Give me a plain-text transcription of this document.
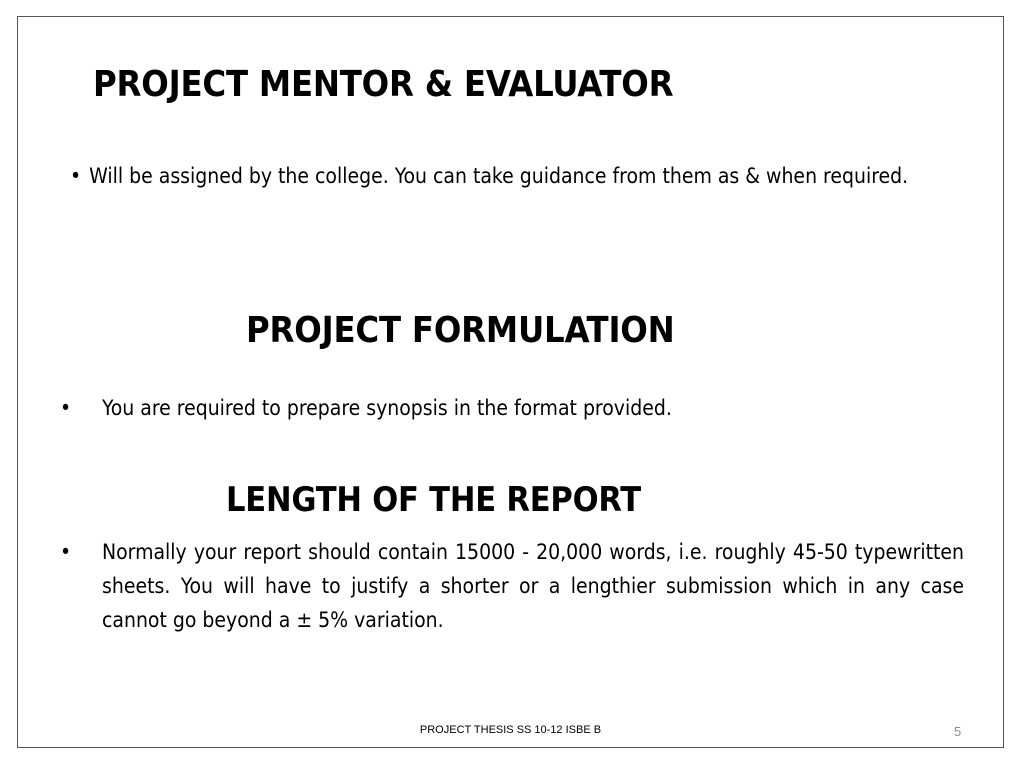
PROJECT MENTOR & EVALUATOR

• Will be assigned by the college. You can take guidance from them as & when required.

PROJECT FORMULATION
• You are required to prepare synopsis in the format provided.
LENGTH OF THE REPORT
• Normally your report should contain 15000 - 20,000 words, i.e. roughly 45-50 typewritten sheets. You will have to justify a shorter or a lengthier submission which in any case cannot go beyond a ± 5% variation.
PROJECT THESIS SS 10-12 ISBE B	5
